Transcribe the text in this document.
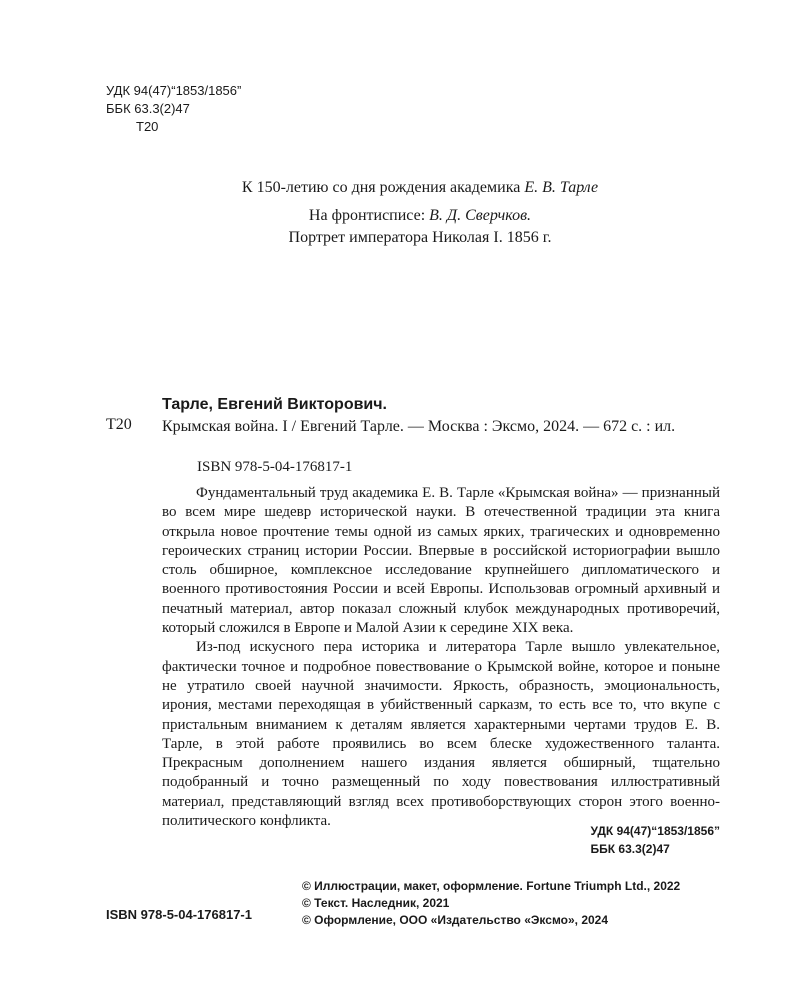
УДК 94(47)“1853/1856”
ББК 63.3(2)47
Т20
К 150-летию со дня рождения академика Е. В. Тарле
На фронтисписе: В. Д. Сверчков.
Портрет императора Николая I. 1856 г.
Тарле, Евгений Викторович.
Т20 Крымская война. I / Евгений Тарле. — Москва : Эксмо, 2024. — 672 с. : ил.
ISBN 978-5-04-176817-1

Фундаментальный труд академика Е. В. Тарле «Крымская война» — признанный во всем мире шедевр исторической науки. В отечественной традиции эта книга открыла новое прочтение темы одной из самых ярких, трагических и одновременно героических страниц истории России. Впервые в российской историографии вышло столь обширное, комплексное исследование крупнейшего дипломатического и военного противостояния России и всей Европы. Использовав огромный архивный и печатный материал, автор показал сложный клубок международных противоречий, который сложился в Европе и Малой Азии к середине XIX века.

Из-под искусного пера историка и литератора Тарле вышло увлекательное, фактически точное и подробное повествование о Крымской войне, которое и поныне не утратило своей научной значимости. Яркость, образность, эмоциональность, ирония, местами переходящая в убийственный сарказм, то есть все то, что вкупе с пристальным вниманием к деталям является характерными чертами трудов Е. В. Тарле, в этой работе проявились во всем блеске художественного таланта. Прекрасным дополнением нашего издания является обширный, тщательно подобранный и точно размещенный по ходу повествования иллюстративный материал, представляющий взгляд всех противоборствующих сторон этого военно-политического конфликта.

УДК 94(47)“1853/1856”
ББК 63.3(2)47
ISBN 978-5-04-176817-1
© Иллюстрации, макет, оформление. Fortune Triumph Ltd., 2022
© Текст. Наследник, 2021
© Оформление, ООО «Издательство «Эксмо», 2024
